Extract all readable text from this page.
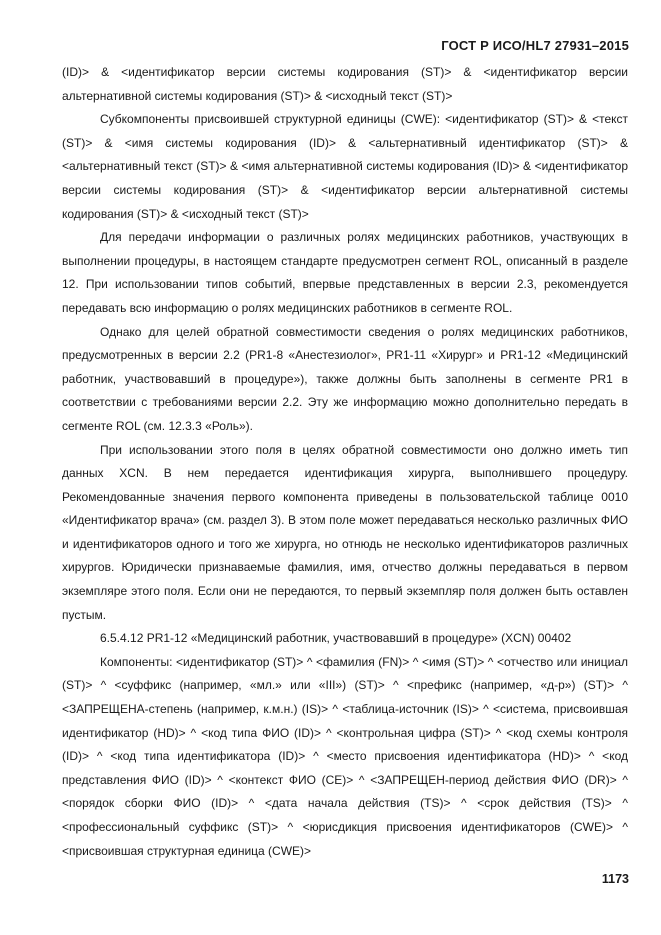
ГОСТ Р ИСО/HL7 27931–2015

(ID)> & <идентификатор версии системы кодирования (ST)> & <идентификатор версии альтернативной системы кодирования (ST)> & <исходный текст (ST)>

Субкомпоненты присвоившей структурной единицы (CWE): <идентификатор (ST)> & <текст (ST)> & <имя системы кодирования (ID)> & <альтернативный идентификатор (ST)> & <альтернативный текст (ST)> & <имя альтернативной системы кодирования (ID)> & <идентификатор версии системы кодирования (ST)> & <идентификатор версии альтернативной системы кодирования (ST)> & <исходный текст (ST)>

Для передачи информации о различных ролях медицинских работников, участвующих в выполнении процедуры, в настоящем стандарте предусмотрен сегмент ROL, описанный в разделе 12. При использовании типов событий, впервые представленных в версии 2.3, рекомендуется передавать всю информацию о ролях медицинских работников в сегменте ROL.

Однако для целей обратной совместимости сведения о ролях медицинских работников, предусмотренных в версии 2.2 (PR1-8 «Анестезиолог», PR1-11 «Хирург» и PR1-12 «Медицинский работник, участвовавший в процедуре»), также должны быть заполнены в сегменте PR1 в соответствии с требованиями версии 2.2. Эту же информацию можно дополнительно передать в сегменте ROL (см. 12.3.3 «Роль»).

При использовании этого поля в целях обратной совместимости оно должно иметь тип данных XCN. В нем передается идентификация хирурга, выполнившего процедуру. Рекомендованные значения первого компонента приведены в пользовательской таблице 0010 «Идентификатор врача» (см. раздел 3). В этом поле может передаваться несколько различных ФИО и идентификаторов одного и того же хирурга, но отнюдь не несколько идентификаторов различных хирургов. Юридически признаваемые фамилия, имя, отчество должны передаваться в первом экземпляре этого поля. Если они не передаются, то первый экземпляр поля должен быть оставлен пустым.

6.5.4.12 PR1-12 «Медицинский работник, участвовавший в процедуре» (XCN) 00402

Компоненты: <идентификатор (ST)> ^ <фамилия (FN)> ^ <имя (ST)> ^ <отчество или инициал (ST)> ^ <суффикс (например, «мл.» или «III») (ST)> ^ <префикс (например, «д-р») (ST)> ^ <ЗАПРЕЩЕНА-степень (например, к.м.н.) (IS)> ^ <таблица-источник (IS)> ^ <система, присвоившая идентификатор (HD)> ^ <код типа ФИО (ID)> ^ <контрольная цифра (ST)> ^ <код схемы контроля (ID)> ^ <код типа идентификатора (ID)> ^ <место присвоения идентификатора (HD)> ^ <код представления ФИО (ID)> ^ <контекст ФИО (CE)> ^ <ЗАПРЕЩЕН-период действия ФИО (DR)> ^ <порядок сборки ФИО (ID)> ^ <дата начала действия (TS)> ^ <срок действия (TS)> ^ <профессиональный суффикс (ST)> ^ <юрисдикция присвоения идентификаторов (CWE)> ^ <присвоившая структурная единица (CWE)>

1173
